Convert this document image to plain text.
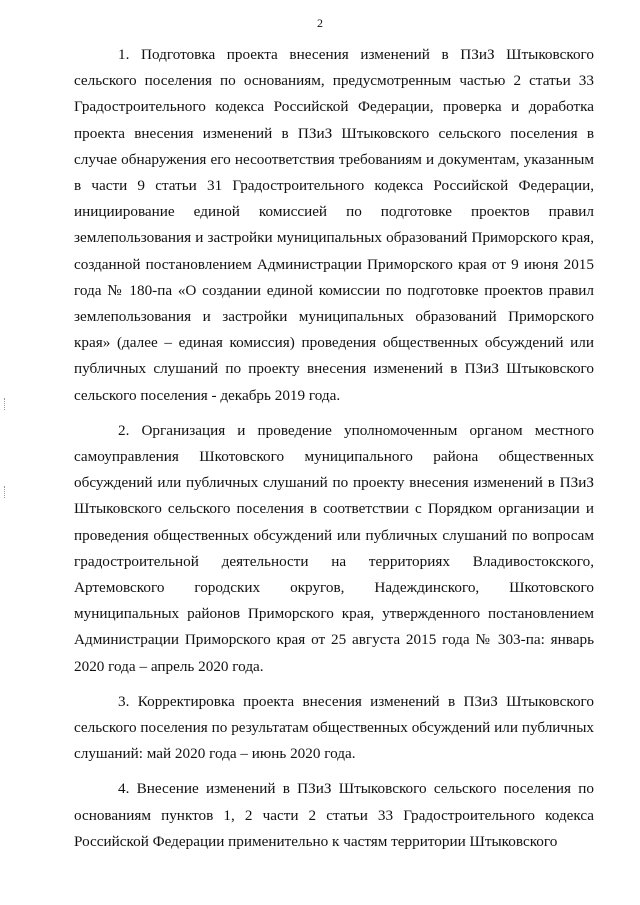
2

1. Подготовка проекта внесения изменений в ПЗиЗ Штыковского сельского поселения по основаниям, предусмотренным частью 2 статьи 33 Градостроительного кодекса Российской Федерации, проверка и доработка проекта внесения изменений в ПЗиЗ Штыковского сельского поселения в случае обнаружения его несоответствия требованиям и документам, указанным в части 9 статьи 31 Градостроительного кодекса Российской Федерации, инициирование единой комиссией по подготовке проектов правил землепользования и застройки муниципальных образований Приморского края, созданной постановлением Администрации Приморского края от 9 июня 2015 года № 180-па «О создании единой комиссии по подготовке проектов правил землепользования и застройки муниципальных образований Приморского края» (далее – единая комиссия) проведения общественных обсуждений или публичных слушаний по проекту внесения изменений в ПЗиЗ Штыковского сельского поселения - декабрь 2019 года.

2. Организация и проведение уполномоченным органом местного самоуправления Шкотовского муниципального района общественных обсуждений или публичных слушаний по проекту внесения изменений в ПЗиЗ Штыковского сельского поселения в соответствии с Порядком организации и проведения общественных обсуждений или публичных слушаний по вопросам градостроительной деятельности на территориях Владивостокского, Артемовского городских округов, Надеждинского, Шкотовского муниципальных районов Приморского края, утвержденного постановлением Администрации Приморского края от 25 августа 2015 года № 303-па: январь 2020 года – апрель 2020 года.

3. Корректировка проекта внесения изменений в ПЗиЗ Штыковского сельского поселения по результатам общественных обсуждений или публичных слушаний: май 2020 года – июнь 2020 года.

4. Внесение изменений в ПЗиЗ Штыковского сельского поселения по основаниям пунктов 1, 2 части 2 статьи 33 Градостроительного кодекса Российской Федерации применительно к частям территории Штыковского
